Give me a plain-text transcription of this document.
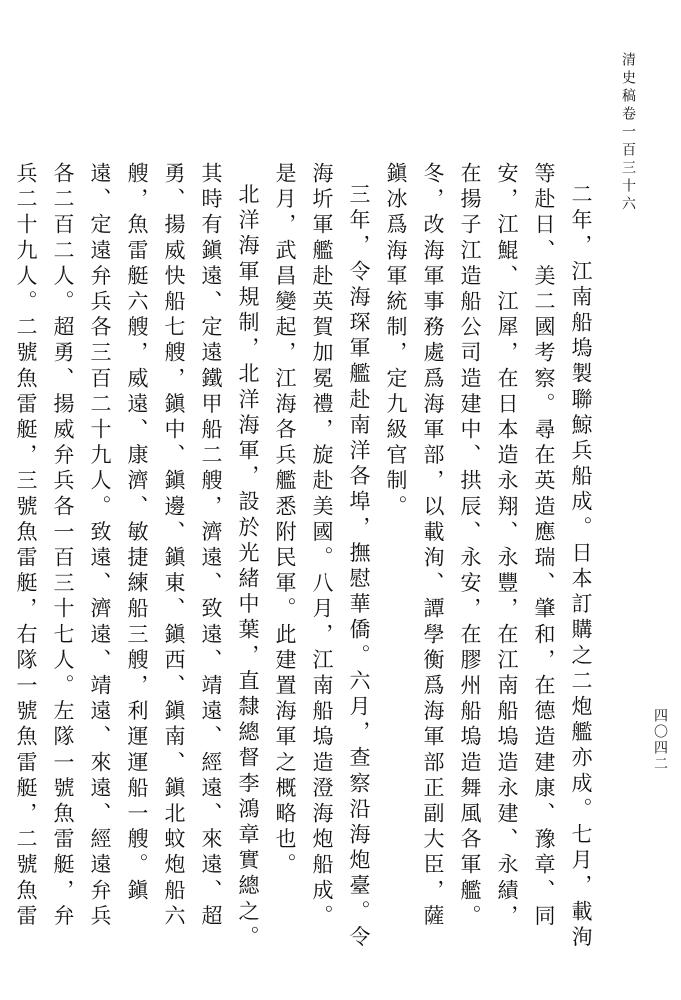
清史稿卷一百三十六
四〇四二

二年，江南船塢製聯鯨兵船成。日本訂購之二炮艦亦成。七月，載洵等赴日、美二國考察。尋在英造應瑞、肇和，在德造建康、豫章、同安，江鯤、江犀，在日本造永翔、永豐，在江南船塢造永建、永績，在揚子江造船公司造建中、拱辰、永安，在膠州船塢造舞風各軍艦。冬，改海軍事務處爲海軍部，以載洵、譚學衡爲海軍部正副大臣，薩鎭冰爲海軍統制，定九級官制。

三年，令海琛軍艦赴南洋各埠，撫慰華僑。六月，查察沿海炮臺。令海圻軍艦赴英賀加冕禮，旋赴美國。八月，江南船塢造澄海炮船成。是月，武昌變起，江海各兵艦悉附民軍。此建置海軍之概略也。

北洋海軍規制，北洋海軍，設於光緒中葉，直隸總督李鴻章實總之。其時有鎭遠、定遠鐵甲船二艘，濟遠、致遠、靖遠、經遠、來遠、超勇、揚威快船七艘，鎭中、鎭邊、鎭東、鎭西、鎭南、鎭北蚊炮船六艘，魚雷艇六艘，威遠、康濟、敏捷練船三艘，利運運船一艘。鎭遠、定遠弁兵各三百二十九人。致遠、濟遠、靖遠、來遠、經遠弁兵各二百二人。超勇、揚威弁兵各一百三十七人。左隊一號魚雷艇，弁兵二十九人。二號魚雷艇，三號魚雷艇，右隊一號魚雷艇，二號魚雷
